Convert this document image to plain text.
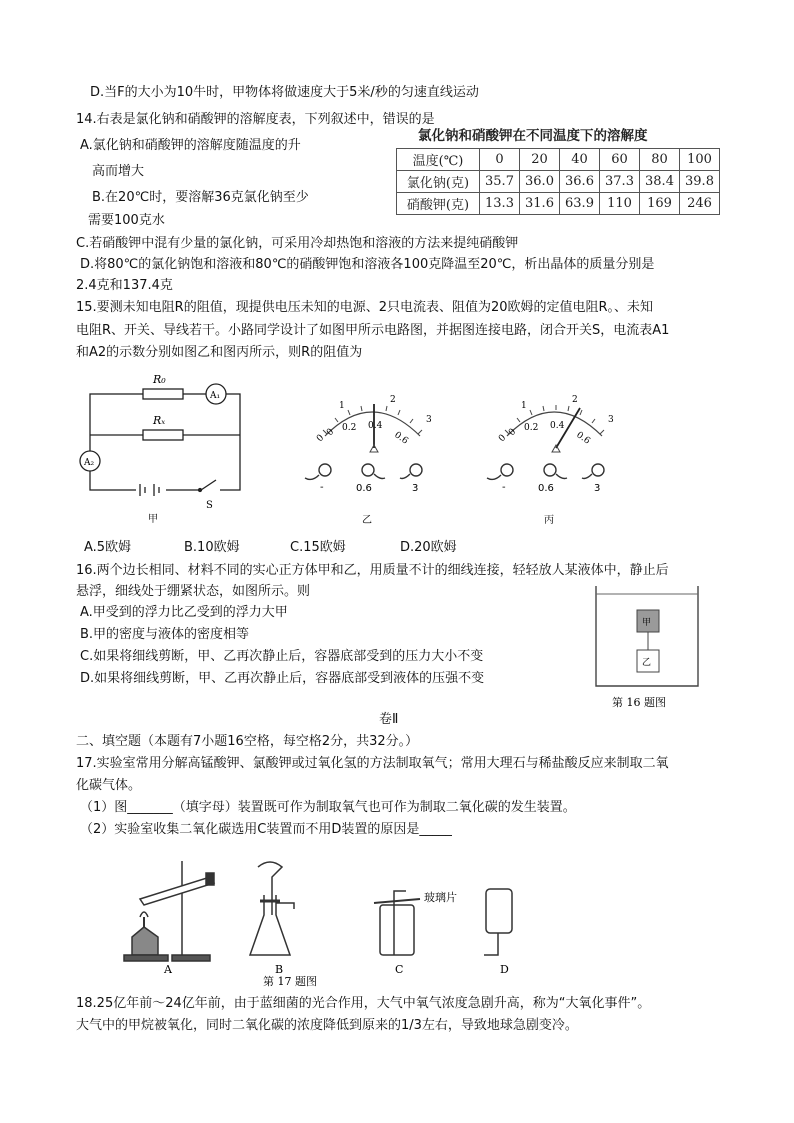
D.当F的大小为10牛时，甲物体将做速度大于5米/秒的匀速直线运动
14.右表是氯化钠和硝酸钾的溶解度表，下列叙述中，错误的是
A.氯化钠和硝酸钾的溶解度随温度的升
高而增大
B.在20℃时，要溶解36克氯化钠至少
需要100克水
C.若硝酸钾中混有少量的氯化钠，可采用冷却热饱和溶液的方法来提纯硝酸钾
D.将80℃的氯化钠饱和溶液和80℃的硝酸钾饱和溶液各100克降温至20℃，析出晶体的质量分别是
2.4克和137.4克
15.要测未知电阻R的阻值，现提供电压未知的电源、2只电流表、阻值为20欧姆的定值电阻R。、未知
电阻R、开关、导线若干。小路同学设计了如图甲所示电路图，并据图连接电路，闭合开关S，电流表A1
和A2的示数分别如图乙和图丙所示，则R的阻值为
A.5欧姆	B.10欧姆	C.15欧姆	D.20欧姆
16.两个边长相同、材料不同的实心正方体甲和乙，用质量不计的细线连接，轻轻放人某液体中，静止后
悬浮，细线处于绷紧状态，如图所示。则
A.甲受到的浮力比乙受到的浮力大甲
B.甲的密度与液体的密度相等
C.如果将细线剪断，甲、乙再次静止后，容器底部受到的压力大小不变
D.如果将细线剪断，甲、乙再次静止后，容器底部受到液体的压强不变
卷Ⅱ
二、填空题（本题有7小题16空格，每空格2分，共32分。）
17.实验室常用分解高锰酸钾、氯酸钾或过氧化氢的方法制取氧气；常用大理石与稀盐酸反应来制取二氧
化碳气体。
（1）图_______（填字母）装置既可作为制取氧气也可作为制取二氧化碳的发生装置。
（2）实验室收集二氧化碳选用C装置而不用D装置的原因是_____
18.25亿年前～24亿年前，由于蓝细菌的光合作用，大气中氧气浓度急剧升高，称为“大氧化事件”。
大气中的甲烷被氧化，同时二氧化碳的浓度降低到原来的1/3左右，导致地球急剧变冷。
氯化钠和硝酸钾在不同温度下的溶解度
温度(℃)	0	20	40	60	80	100
氯化钠(克)	35.7	36.0	36.6	37.3	38.4	39.8
硝酸钾(克)	13.3	31.6	63.9	110	169	246
R₀
Rₓ
A₁
A₂
S
甲
0
1
2
3
0 0.2 0.4
0.6
-	0.6	3
乙
0
1
2
3
0 0.2 0.4
0.6
-	0.6	3
丙
甲
乙
第 16 题图
玻璃片
A	B	C	D
第 17 题图
